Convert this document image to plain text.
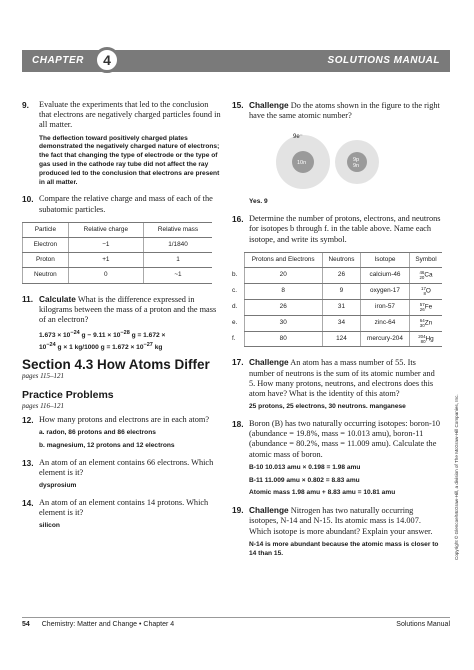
CHAPTER	4	SOLUTIONS MANUAL
9. Evaluate the experiments that led to the conclusion that electrons are negatively charged particles found in all matter.
The deflection toward positively charged plates demonstrated the negatively charged nature of electrons; the fact that changing the type of electrode or the type of gas used in the cathode ray tube did not affect the ray produced led to the conclusion that electrons are present in all matter.
10. Compare the relative charge and mass of each of the subatomic particles.
Particle	Relative charge	Relative mass
Electron	−1	1/1840
Proton	+1	1
Neutron	0	~1
11. Calculate What is the difference expressed in kilograms between the mass of a proton and the mass of an electron?
$1.673 \times 10^{-24}$ $g - 9.11 \times 10^{-28}$ g = 1.672 ×
$10^{-24}$ g × 1 kg/1000 $g = 1.672 \times 10^{-27}$ kg
Section 4.3 How Atoms Differ
pages 115–121
Practice Problems
pages 116–121
12. How many protons and electrons are in each atom?
a. radon, 86 protons and 86 electrons
b. magnesium, 12 protons and 12 electrons
13. An atom of an element contains 66 electrons. Which element is it?
dysprosium
14. An atom of an element contains 14 protons. Which element is it?
silicon
15. Challenge Do the atoms shown in the figure to the right have the same atomic number?
9e⁻
10n	9p
9n
Yes. 9
16. Determine the number of protons, electrons, and neutrons for isotopes b through f. in the table above. Name each isotope, and write its symbol.
	Protons and Electrons	Neutrons	Isotope	Symbol
b.	20	26	calcium-46	46
20Ca
c.	8	9	oxygen-17	17
8O
d.	26	31	iron-57	57
26Fe
e.	30	34	zinc-64	64
30Zn
f.	80	124	mercury-204	204
80Hg
17. Challenge An atom has a mass number of 55. Its number of neutrons is the sum of its atomic number and 5. How many protons, neutrons, and electrons does this atom have? What is the identity of this atom?
25 protons, 25 electrons, 30 neutrons. manganese
18. Boron (B) has two naturally occurring isotopes: boron-10 (abundance = 19.8%, mass = 10.013 amu), boron-11 (abundance = 80.2%, mass = 11.009 amu). Calculate the atomic mass of boron.
B-10 10.013 amu × 0.198 = 1.98 amu
B-11 11.009 amu × 0.802 = 8.83 amu
Atomic mass 1.98 amu + 8.83 amu = 10.81 amu
19. Challenge Nitrogen has two naturally occurring isotopes, N-14 and N-15. Its atomic mass is 14.007. Which isotope is more abundant? Explain your answer.
N-14 is more abundant because the atomic mass is closer to 14 than 15.	Copyright © Glencoe/McGraw-Hill, a division of The McGraw-Hill Companies, Inc.
54 Chemistry: Matter and Change • Chapter 4	Solutions Manual
